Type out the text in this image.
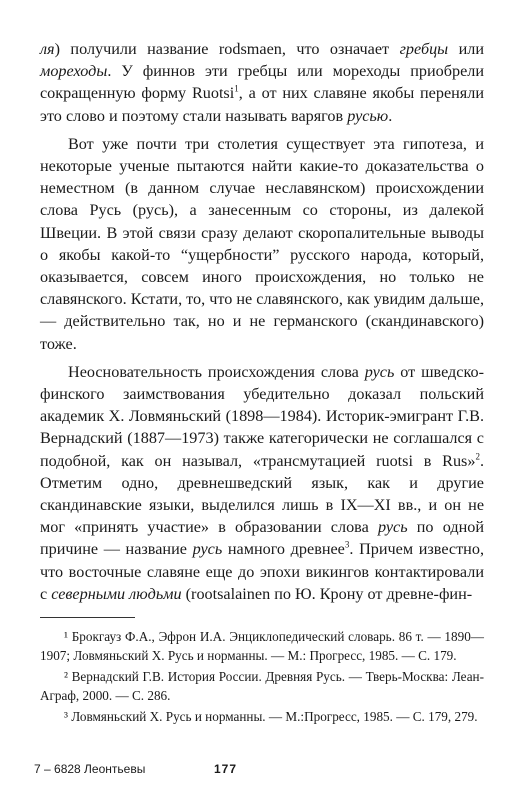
ля) получили название rodsmaen, что означает гребцы или мореходы. У финнов эти гребцы или мореходы приобрели сокращенную форму Ruotsi$^1$, а от них славяне якобы переняли это слово и поэтому стали называть варягов русью.

Вот уже почти три столетия существует эта гипотеза, и некоторые ученые пытаются найти какие-то доказательства о неместном (в данном случае неславянском) происхождении слова Русь (русь), а занесенным со стороны, из далекой Швеции. В этой связи сразу делают скоропалительные выводы о якобы какой-то “ущербности” русского народа, который, оказывается, совсем иного происхождения, но только не славянского. Кстати, то, что не славянского, как увидим дальше, — действительно так, но и не германского (скандинавского) тоже.

Неосновательность происхождения слова русь от шведско-финского заимствования убедительно доказал польский академик Х. Ловмяньский (1898—1984). Историк-эмигрант Г.В. Вернадский (1887—1973) также категорически не соглашался с подобной, как он называл, «трансмутацией ruotsi в Rus»$^2$. Отметим одно, древнешведский язык, как и другие скандинавские языки, выделился лишь в IX—XI вв., и он не мог «принять участие» в образовании слова русь по одной причине — название русь намного древнее$^3$. Причем известно, что восточные славяне еще до эпохи викингов контактировали с северными людьми (rootsalainen по Ю. Крону от древне-фин-

¹ Брокгауз Ф.А., Эфрон И.А. Энциклопедический словарь. 86 т. — 1890—1907; Ловмяньский Х. Русь и норманны. — М.: Прогресс, 1985. — С. 179.

² Вернадский Г.В. История России. Древняя Русь. — Тверь-Москва: Леан-Аграф, 2000. — С. 286.

³ Ловмяньский Х. Русь и норманны. — М.:Прогресс, 1985. — С. 179, 279.

7 – 6828 Леонтьевы	177
